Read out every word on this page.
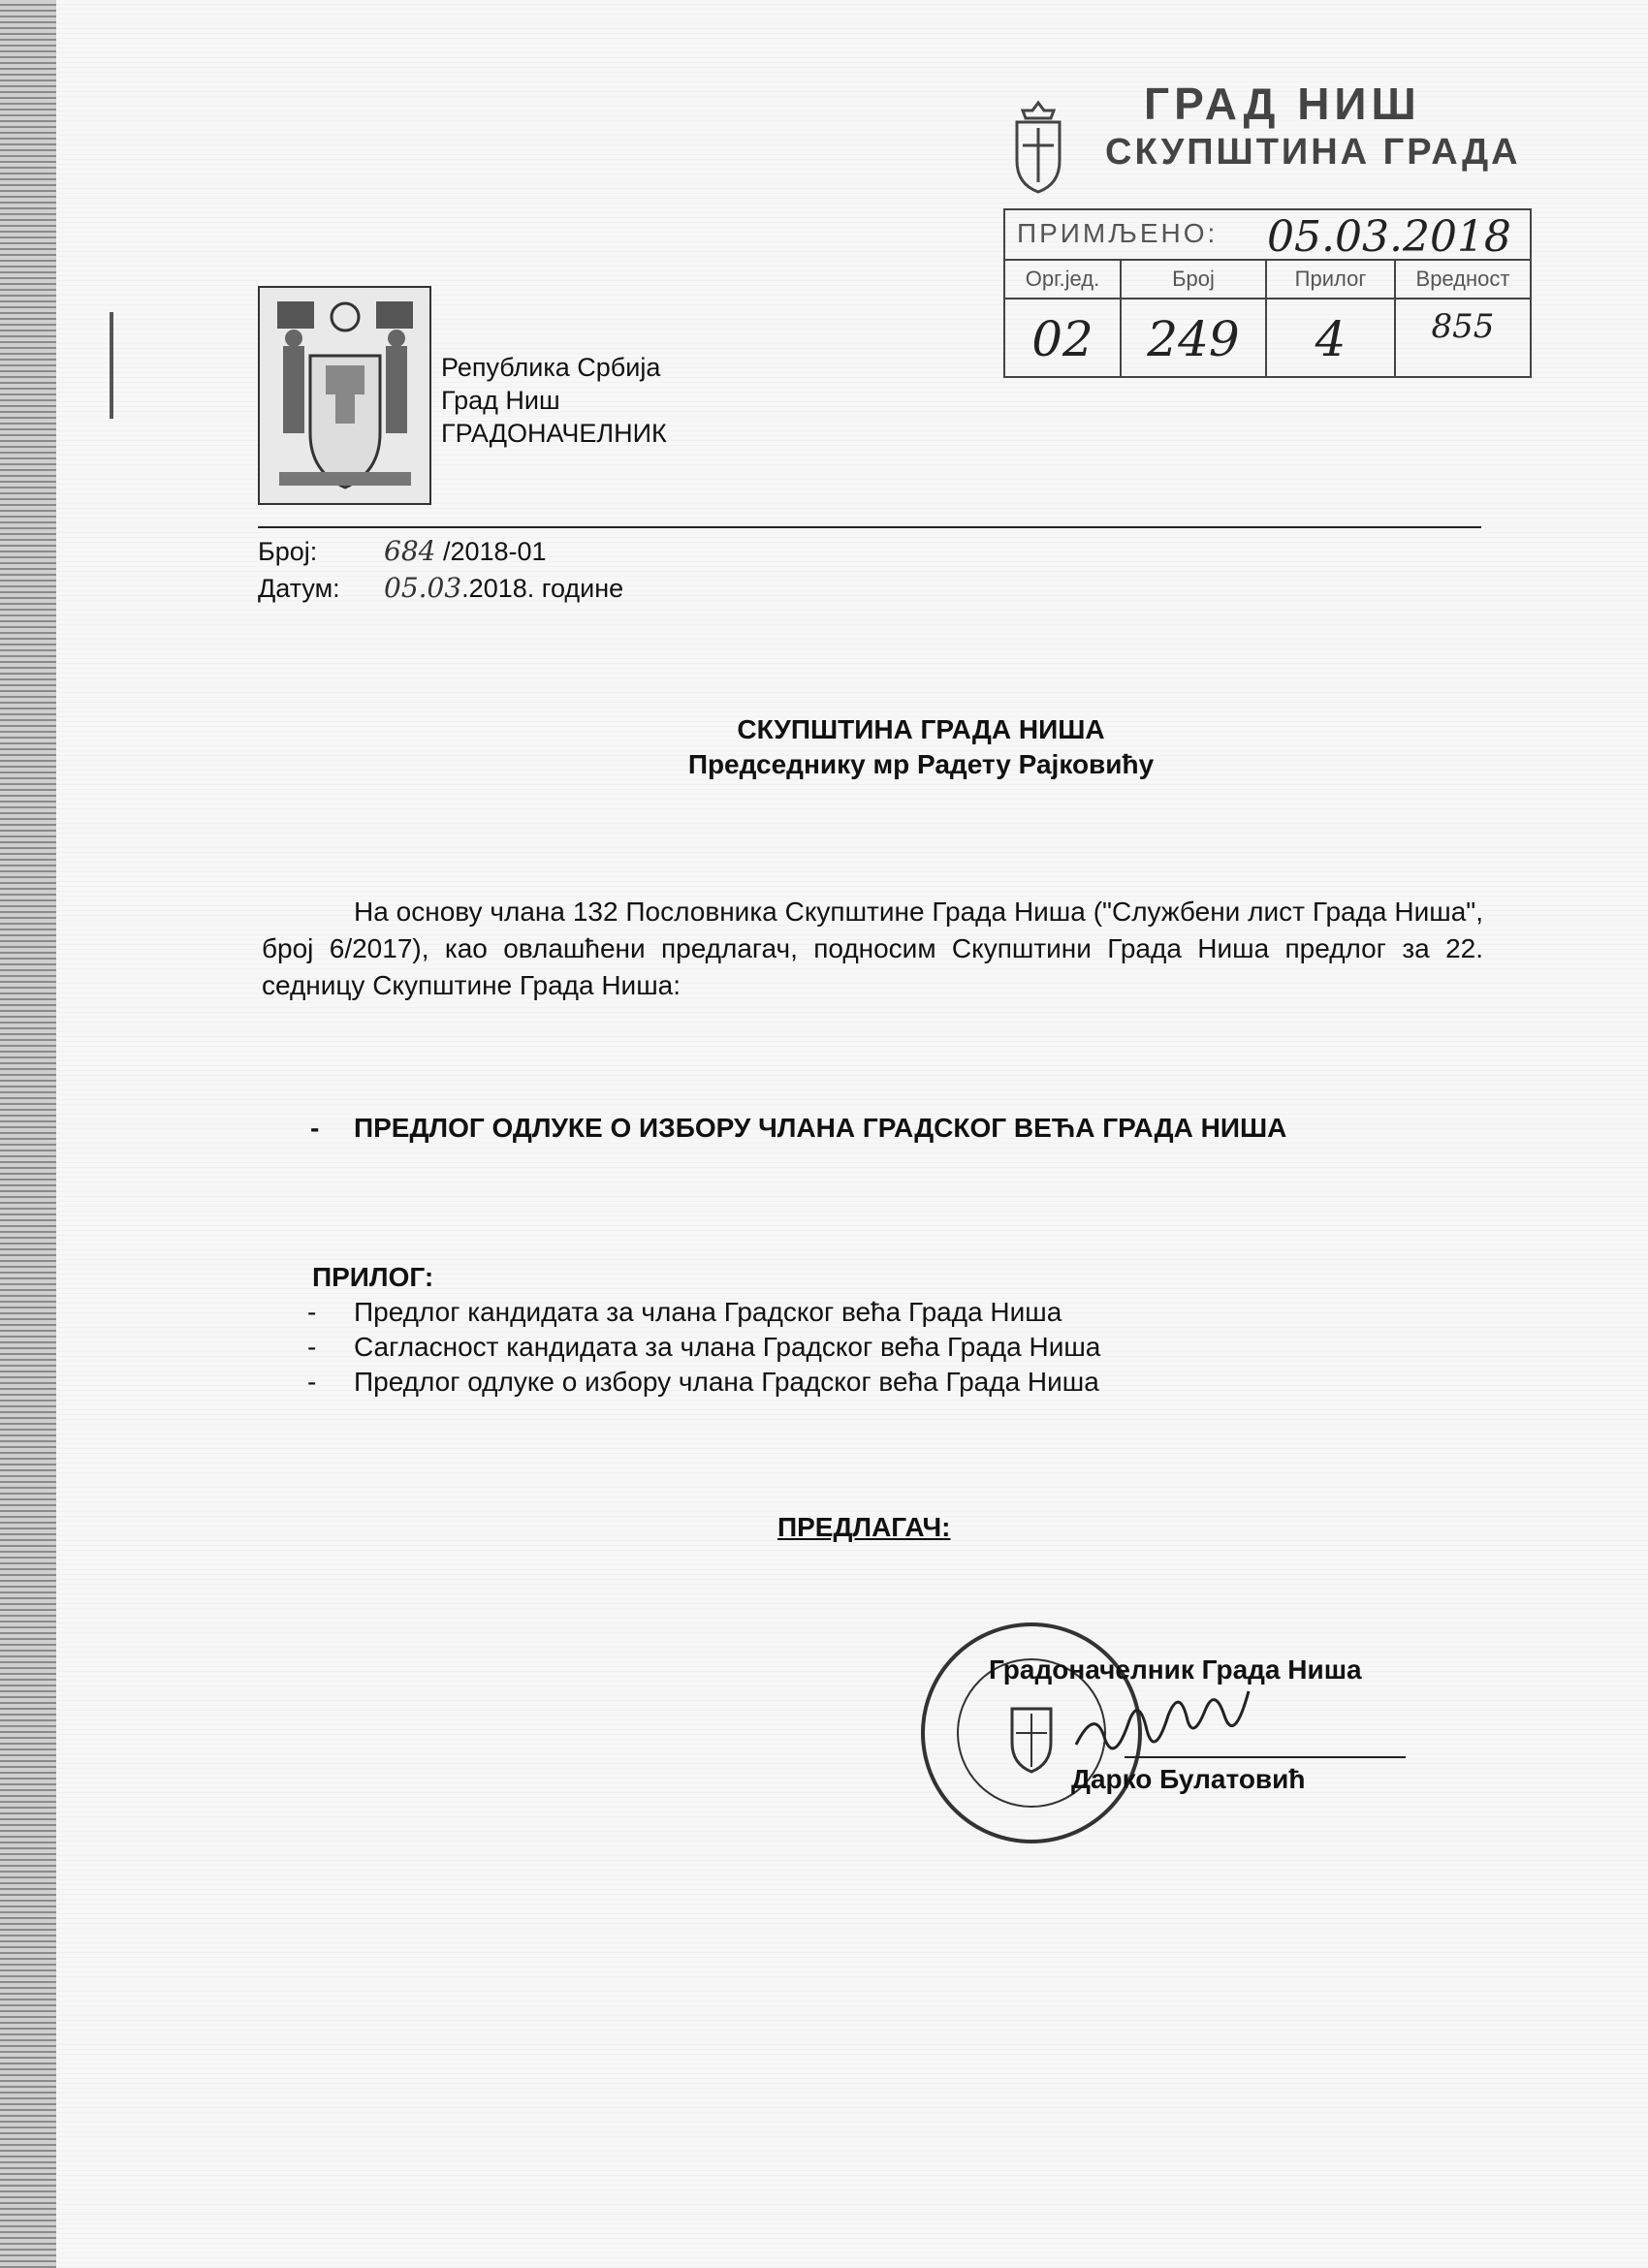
ГРАД НИШ
СКУПШТИНА ГРАДА
ПРИМЉЕНО: 05.03.2018
Орг.јед.
02
Број
249
Прилог
4
Вредност
855
Република Србија
Град Ниш
ГРАДОНАЧЕЛНИК
Број: 684 /2018-01
Датум: 05.03.2018. године
СКУПШТИНА ГРАДА НИША
Председнику мр Радету Рајковићу
На основу члана 132 Пословника Скупштине Града Ниша ("Службени лист Града Ниша", број 6/2017), као овлашћени предлагач, подносим Скупштини Града Ниша предлог за 22. седницу Скупштине Града Ниша:
- ПРЕДЛОГ ОДЛУКЕ О ИЗБОРУ ЧЛАНА ГРАДСКОГ ВЕЋА ГРАДА НИША
ПРИЛОГ:
- Предлог кандидата за члана Градског већа Града Ниша
- Сагласност кандидата за члана Градског већа Града Ниша
- Предлог одлуке о избору члана Градског већа Града Ниша
ПРЕДЛАГАЧ:
Градоначелник Града Ниша
Дарко Булатовић
